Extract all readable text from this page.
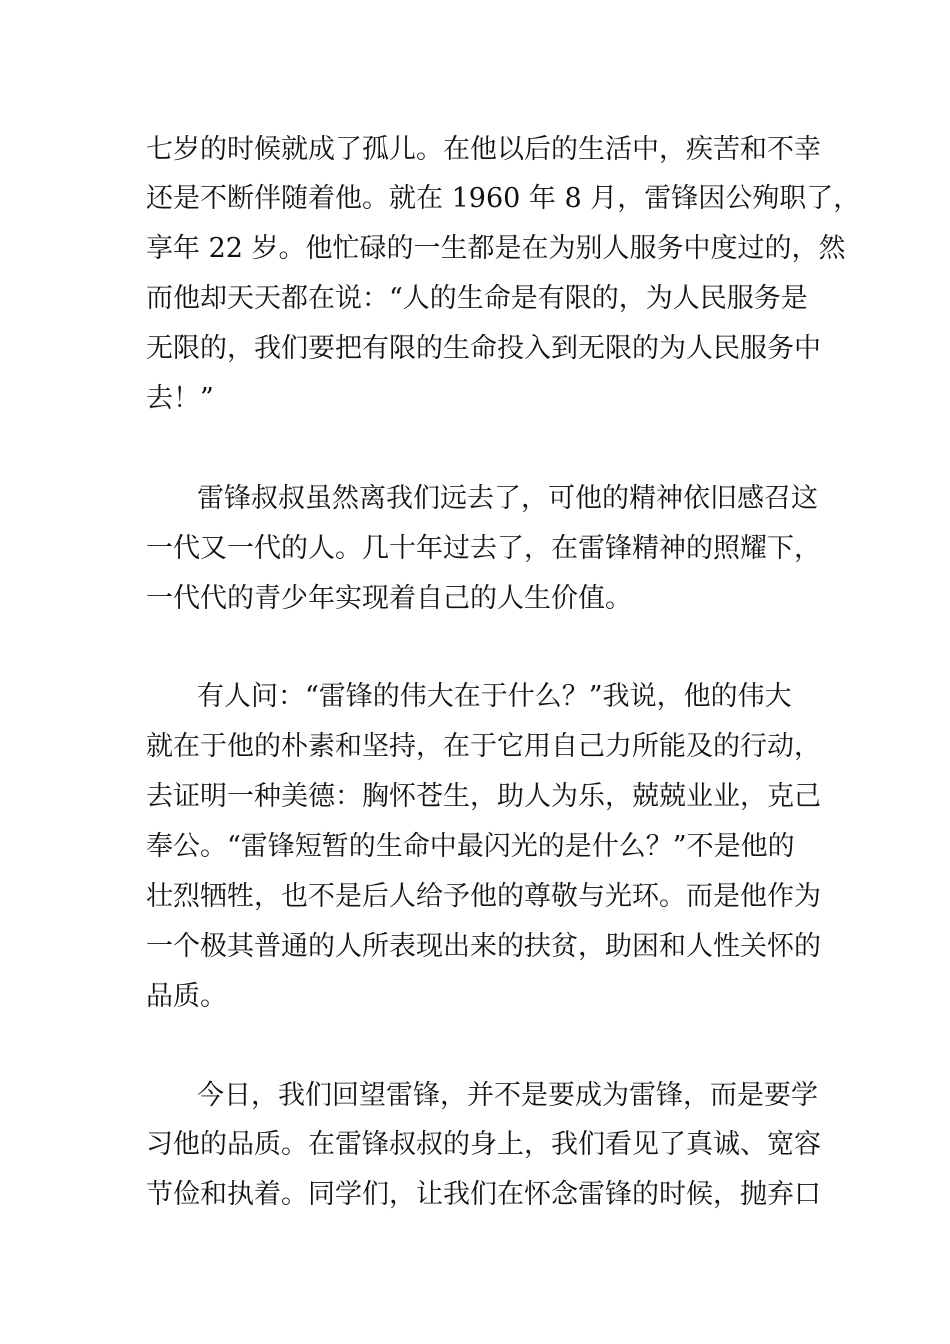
七岁的时候就成了孤儿。在他以后的生活中，疾苦和不幸

还是不断伴随着他。就在 1960 年 8 月，雷锋因公殉职了，

享年 22 岁。他忙碌的一生都是在为别人服务中度过的，然

而他却天天都在说：“人的生命是有限的，为人民服务是

无限的，我们要把有限的生命投入到无限的为人民服务中

去！”

雷锋叔叔虽然离我们远去了，可他的精神依旧感召这

一代又一代的人。几十年过去了，在雷锋精神的照耀下，

一代代的青少年实现着自己的人生价值。

有人问：“雷锋的伟大在于什么？”我说，他的伟大

就在于他的朴素和坚持，在于它用自己力所能及的行动，

去证明一种美德：胸怀苍生，助人为乐，兢兢业业，克己

奉公。“雷锋短暂的生命中最闪光的是什么？”不是他的

壮烈牺牲，也不是后人给予他的尊敬与光环。而是他作为

一个极其普通的人所表现出来的扶贫，助困和人性关怀的

品质。

今日，我们回望雷锋，并不是要成为雷锋，而是要学

习他的品质。在雷锋叔叔的身上，我们看见了真诚、宽容

节俭和执着。同学们，让我们在怀念雷锋的时候，抛弃口
